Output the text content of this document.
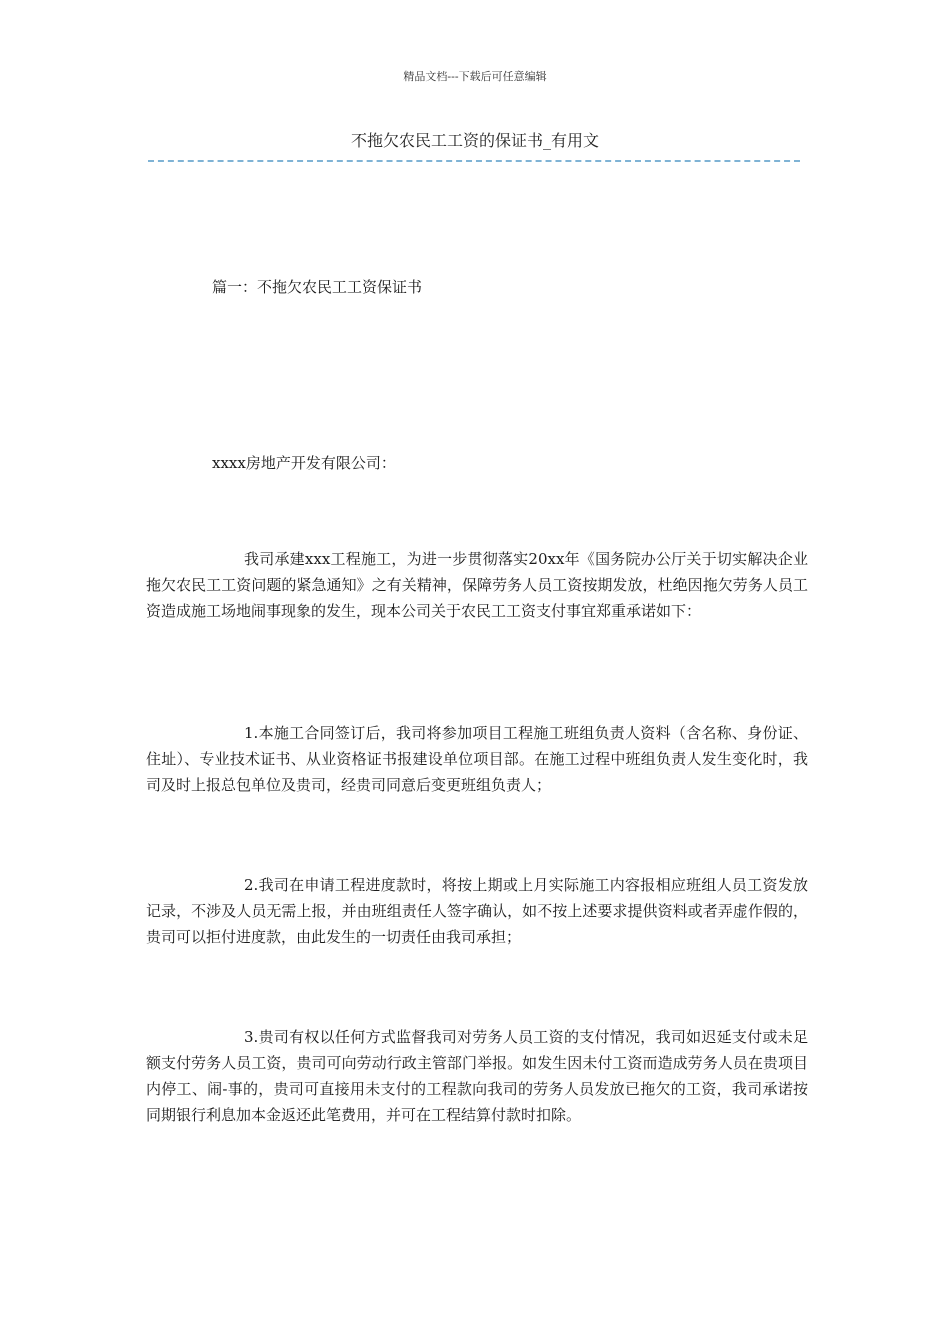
精品文档---下载后可任意编辑
不拖欠农民工工资的保证书_有用文
篇一：不拖欠农民工工资保证书
xxxx房地产开发有限公司：
我司承建xxx工程施工，为进一步贯彻落实20xx年《国务院办公厅关于切实解决企业拖欠农民工工资问题的紧急通知》之有关精神，保障劳务人员工资按期发放，杜绝因拖欠劳务人员工资造成施工场地闹事现象的发生，现本公司关于农民工工资支付事宜郑重承诺如下：
1.本施工合同签订后，我司将参加项目工程施工班组负责人资料（含名称、身份证、住址）、专业技术证书、从业资格证书报建设单位项目部。在施工过程中班组负责人发生变化时，我司及时上报总包单位及贵司，经贵司同意后变更班组负责人；
2.我司在申请工程进度款时，将按上期或上月实际施工内容报相应班组人员工资发放记录，不涉及人员无需上报，并由班组责任人签字确认，如不按上述要求提供资料或者弄虚作假的，贵司可以拒付进度款，由此发生的一切责任由我司承担；
3.贵司有权以任何方式监督我司对劳务人员工资的支付情况，我司如迟延支付或未足额支付劳务人员工资，贵司可向劳动行政主管部门举报。如发生因未付工资而造成劳务人员在贵项目内停工、闹-事的，贵司可直接用未支付的工程款向我司的劳务人员发放已拖欠的工资，我司承诺按同期银行利息加本金返还此笔费用，并可在工程结算付款时扣除。
